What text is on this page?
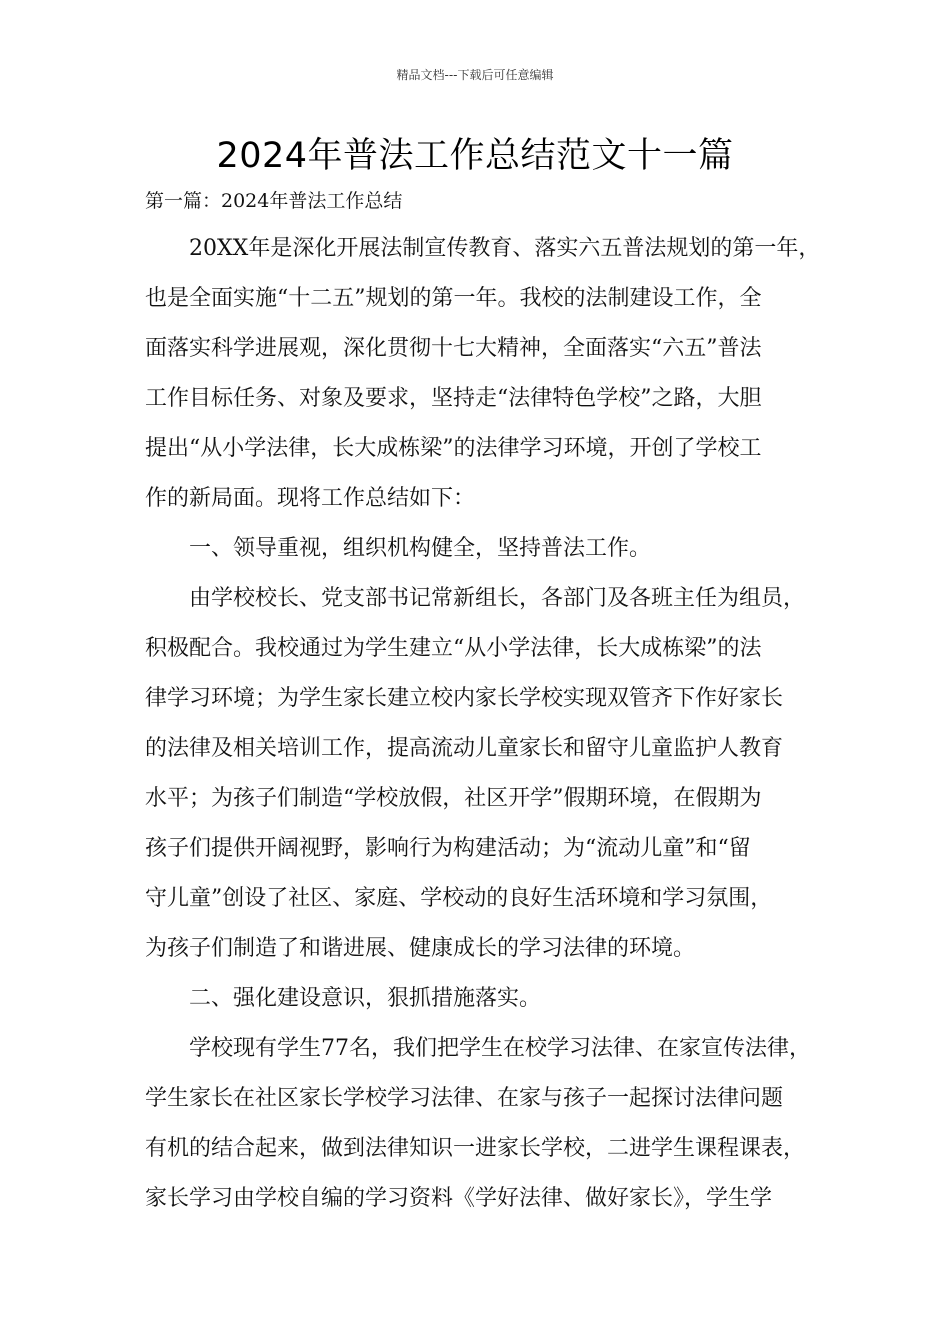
精品文档---下载后可任意编辑
2024年普法工作总结范文十一篇
第一篇：2024年普法工作总结
20XX年是深化开展法制宣传教育、落实六五普法规划的第一年，
也是全面实施“十二五”规划的第一年。我校的法制建设工作，全
面落实科学进展观，深化贯彻十七大精神，全面落实“六五”普法
工作目标任务、对象及要求，坚持走“法律特色学校”之路，大胆
提出“从小学法律，长大成栋梁”的法律学习环境，开创了学校工
作的新局面。现将工作总结如下：
一、领导重视，组织机构健全，坚持普法工作。
由学校校长、党支部书记常新组长，各部门及各班主任为组员，
积极配合。我校通过为学生建立“从小学法律，长大成栋梁”的法
律学习环境；为学生家长建立校内家长学校实现双管齐下作好家长
的法律及相关培训工作，提高流动儿童家长和留守儿童监护人教育
水平；为孩子们制造“学校放假，社区开学”假期环境，在假期为
孩子们提供开阔视野，影响行为构建活动；为“流动儿童”和“留
守儿童”创设了社区、家庭、学校动的良好生活环境和学习氛围，
为孩子们制造了和谐进展、健康成长的学习法律的环境。
二、强化建设意识，狠抓措施落实。
学校现有学生77名，我们把学生在校学习法律、在家宣传法律，
学生家长在社区家长学校学习法律、在家与孩子一起探讨法律问题
有机的结合起来，做到法律知识一进家长学校，二进学生课程课表，
家长学习由学校自编的学习资料《学好法律、做好家长》，学生学
